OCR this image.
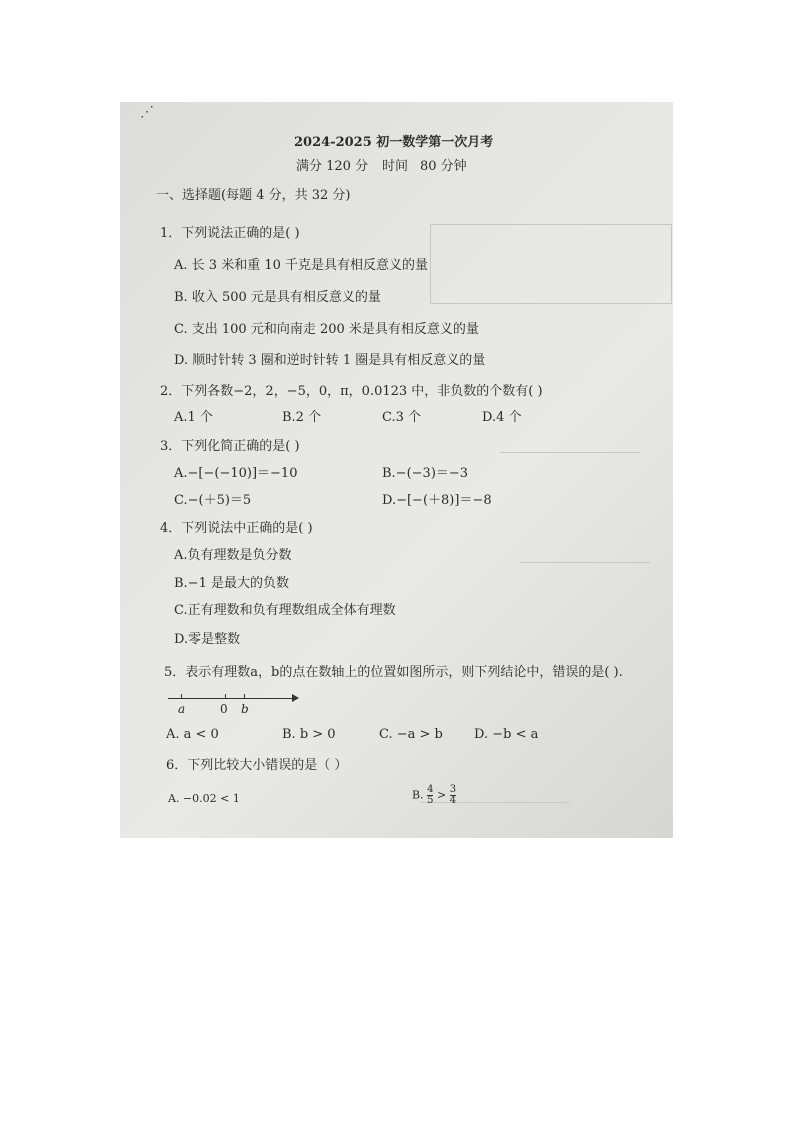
⋰
2024-2025 初一数学第一次月考
满分 120 分 时间 80 分钟
一、选择题(每题 4 分，共 32 分)
1．下列说法正确的是( )
A. 长 3 米和重 10 千克是具有相反意义的量
B. 收入 500 元是具有相反意义的量
C. 支出 100 元和向南走 200 米是具有相反意义的量
D. 顺时针转 3 圈和逆时针转 1 圈是具有相反意义的量
2．下列各数−2，2，−5，0，π，0.0123 中，非负数的个数有( )
A.1 个	B.2 个	C.3 个	D.4 个
3．下列化简正确的是( )
A.−[−(−10)]＝−10	B.−(−3)＝−3
C.−(＋5)＝5	D.−[−(＋8)]＝−8
4．下列说法中正确的是( )
A.负有理数是负分数
B.−1 是最大的负数
C.正有理数和负有理数组成全体有理数
D.零是整数
5．表示有理数a，b的点在数轴上的位置如图所示，则下列结论中，错误的是( ).
a	0 b
A. a < 0	B. b > 0	C. −a > b D. −b < a
6．下列比较大小错误的是（ ）
A. −0.02 < 1	B. $\frac{4}{5} > \frac{3}{4}$
